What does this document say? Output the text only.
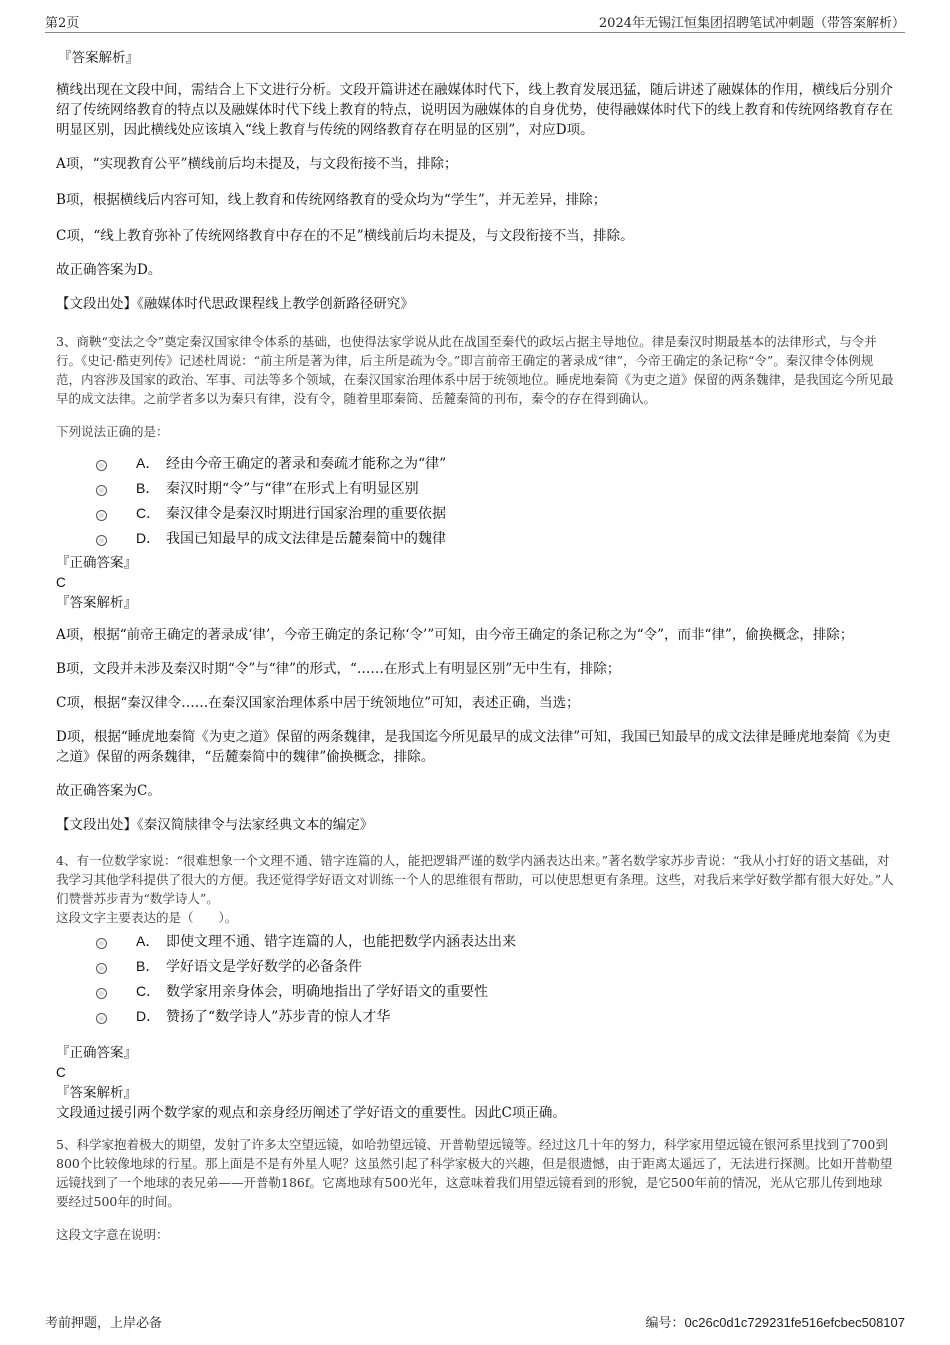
第2页	2024年无锡江恒集团招聘笔试冲刺题（带答案解析）

『答案解析』

横线出现在文段中间，需结合上下文进行分析。文段开篇讲述在融媒体时代下，线上教育发展迅猛，随后讲述了融媒体的作用，横线后分别介绍了传统网络教育的特点以及融媒体时代下线上教育的特点，说明因为融媒体的自身优势，使得融媒体时代下的线上教育和传统网络教育存在明显区别，因此横线处应该填入“线上教育与传统的网络教育存在明显的区别”，对应D项。

A项，“实现教育公平”横线前后均未提及，与文段衔接不当，排除；

B项，根据横线后内容可知，线上教育和传统网络教育的受众均为“学生”，并无差异，排除；

C项，“线上教育弥补了传统网络教育中存在的不足”横线前后均未提及，与文段衔接不当，排除。

故正确答案为D。

【文段出处】《融媒体时代思政课程线上教学创新路径研究》

3、商鞅“变法之令”奠定秦汉国家律令体系的基础，也使得法家学说从此在战国至秦代的政坛占据主导地位。律是秦汉时期最基本的法律形式，与令并行。《史记·酷吏列传》记述杜周说：“前主所是著为律，后主所是疏为令。”即言前帝王确定的著录成“律”，今帝王确定的条记称“令”。秦汉律令体例规范，内容涉及国家的政治、军事、司法等多个领域，在秦汉国家治理体系中居于统领地位。睡虎地秦简《为吏之道》保留的两条魏律，是我国迄今所见最早的成文法律。之前学者多以为秦只有律，没有令，随着里耶秦简、岳麓秦简的刊布，秦令的存在得到确认。

下列说法正确的是：

A． 经由今帝王确定的著录和奏疏才能称之为“律”
B． 秦汉时期“令”与“律”在形式上有明显区别
C． 秦汉律令是秦汉时期进行国家治理的重要依据
D． 我国已知最早的成文法律是岳麓秦简中的魏律

『正确答案』

C

『答案解析』

A项，根据“前帝王确定的著录成‘律’，今帝王确定的条记称‘令’”可知，由今帝王确定的条记称之为“令”，而非“律”，偷换概念，排除；

B项，文段并未涉及秦汉时期“令”与“律”的形式，“……在形式上有明显区别”无中生有，排除；

C项，根据“秦汉律令……在秦汉国家治理体系中居于统领地位”可知，表述正确，当选；

D项，根据“睡虎地秦简《为吏之道》保留的两条魏律，是我国迄今所见最早的成文法律”可知，我国已知最早的成文法律是睡虎地秦简《为吏之道》保留的两条魏律，“岳麓秦简中的魏律”偷换概念，排除。

故正确答案为C。

【文段出处】《秦汉简牍律令与法家经典文本的编定》

4、有一位数学家说：“很难想象一个文理不通、错字连篇的人，能把逻辑严谨的数学内涵表达出来。”著名数学家苏步青说：“我从小打好的语文基础，对我学习其他学科提供了很大的方便。我还觉得学好语文对训练一个人的思维很有帮助，可以使思想更有条理。这些，对我后来学好数学都有很大好处。”人们赞誉苏步青为“数学诗人”。

这段文字主要表达的是（　　）。

A． 即使文理不通、错字连篇的人，也能把数学内涵表达出来
B． 学好语文是学好数学的必备条件
C． 数学家用亲身体会，明确地指出了学好语文的重要性
D． 赞扬了“数学诗人”苏步青的惊人才华

『正确答案』

C

『答案解析』

文段通过援引两个数学家的观点和亲身经历阐述了学好语文的重要性。因此C项正确。

5、科学家抱着极大的期望，发射了许多太空望远镜，如哈勃望远镜、开普勒望远镜等。经过这几十年的努力，科学家用望远镜在银河系里找到了700到800个比较像地球的行星。那上面是不是有外星人呢？这虽然引起了科学家极大的兴趣，但是很遗憾，由于距离太遥远了，无法进行探测。比如开普勒望远镜找到了一个地球的表兄弟——开普勒186f。它离地球有500光年，这意味着我们用望远镜看到的形貌，是它500年前的情况，光从它那儿传到地球要经过500年的时间。

这段文字意在说明：

考前押题，上岸必备	编号：0c26c0d1c729231fe516efcbec508107
